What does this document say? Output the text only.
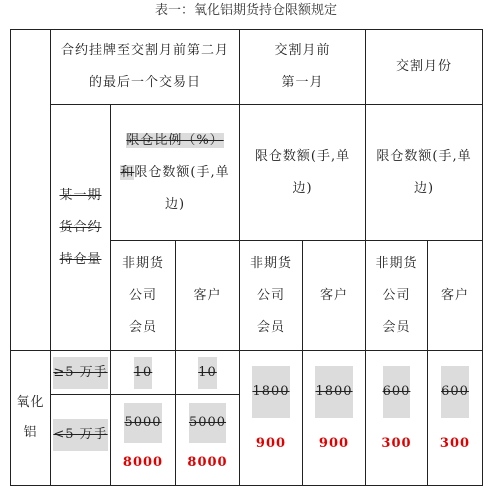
表一：氧化铝期货持仓限额规定
合约挂牌至交割月前第二月
的最后一个交易日
交割月前
第一月
交割月份
某一期
货合约
持仓量
限仓比例（%）
和限仓数额(手,单
边)
限仓数额(手,单
边)
限仓数额(手,单
边)
非期货
公司
会员
客户
非期货
公司
会员
客户
非期货
公司
会员
客户
氧化
铝
≥5 万手
<5 万手
10	10
5000
8000
5000
8000
1800
900
1800
900
600
300
600
300
